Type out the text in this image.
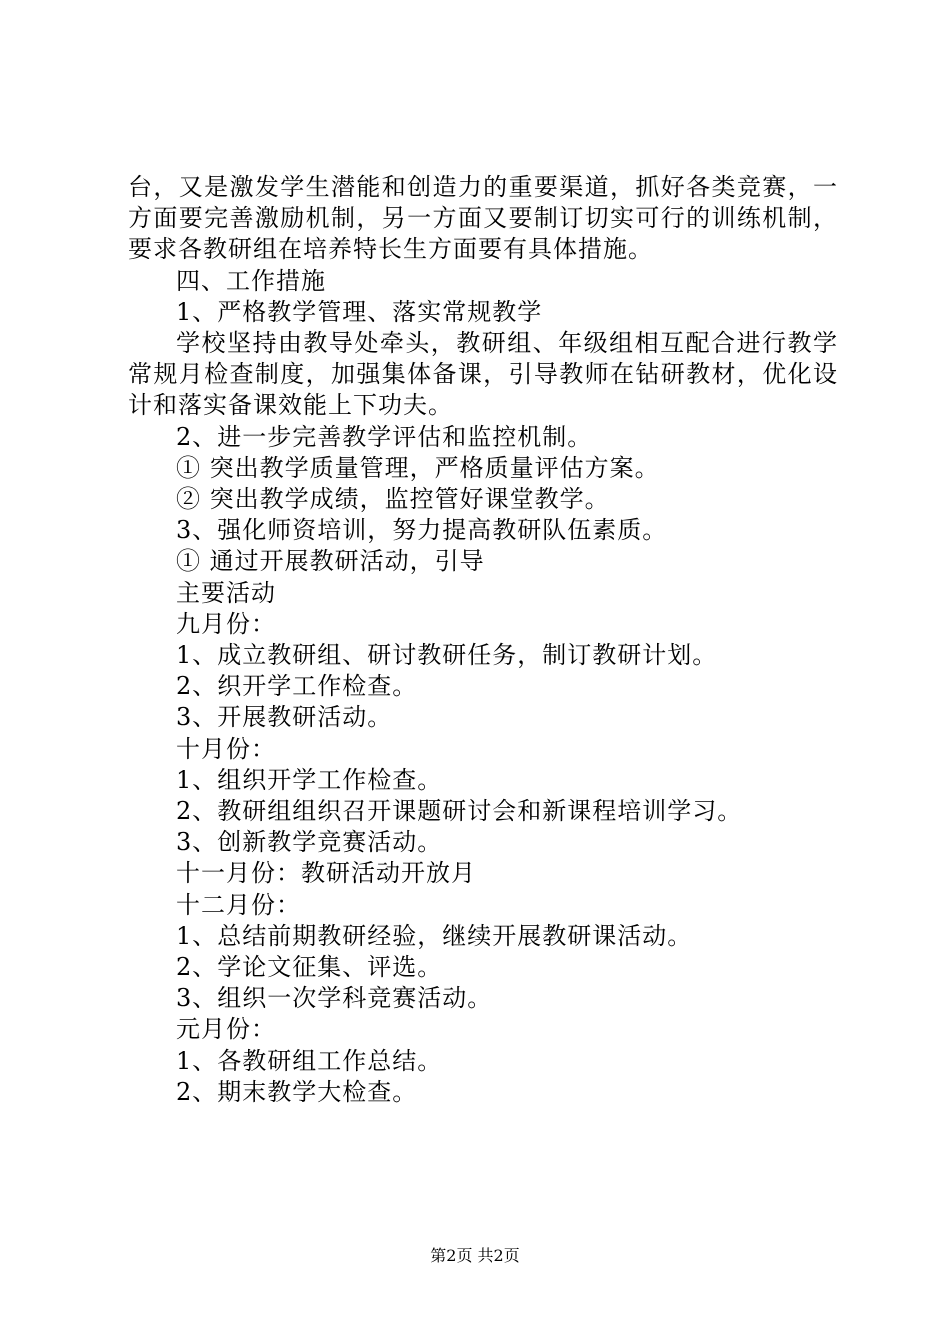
台，又是激发学生潜能和创造力的重要渠道，抓好各类竞赛，一方面要完善激励机制，另一方面又要制订切实可行的训练机制，要求各教研组在培养特长生方面要有具体措施。

四、工作措施

1、严格教学管理、落实常规教学

学校坚持由教导处牵头，教研组、年级组相互配合进行教学常规月检查制度，加强集体备课，引导教师在钻研教材，优化设计和落实备课效能上下功夫。

2、进一步完善教学评估和监控机制。

① 突出教学质量管理，严格质量评估方案。

② 突出教学成绩，监控管好课堂教学。

3、强化师资培训，努力提高教研队伍素质。

① 通过开展教研活动，引导

主要活动

九月份：

1、成立教研组、研讨教研任务，制订教研计划。

2、织开学工作检查。

3、开展教研活动。

十月份：

1、组织开学工作检查。

2、教研组组织召开课题研讨会和新课程培训学习。

3、创新教学竞赛活动。

十一月份：教研活动开放月

十二月份：

1、总结前期教研经验，继续开展教研课活动。

2、学论文征集、评选。

3、组织一次学科竞赛活动。

元月份：

1、各教研组工作总结。

2、期末教学大检查。

第2页 共2页
